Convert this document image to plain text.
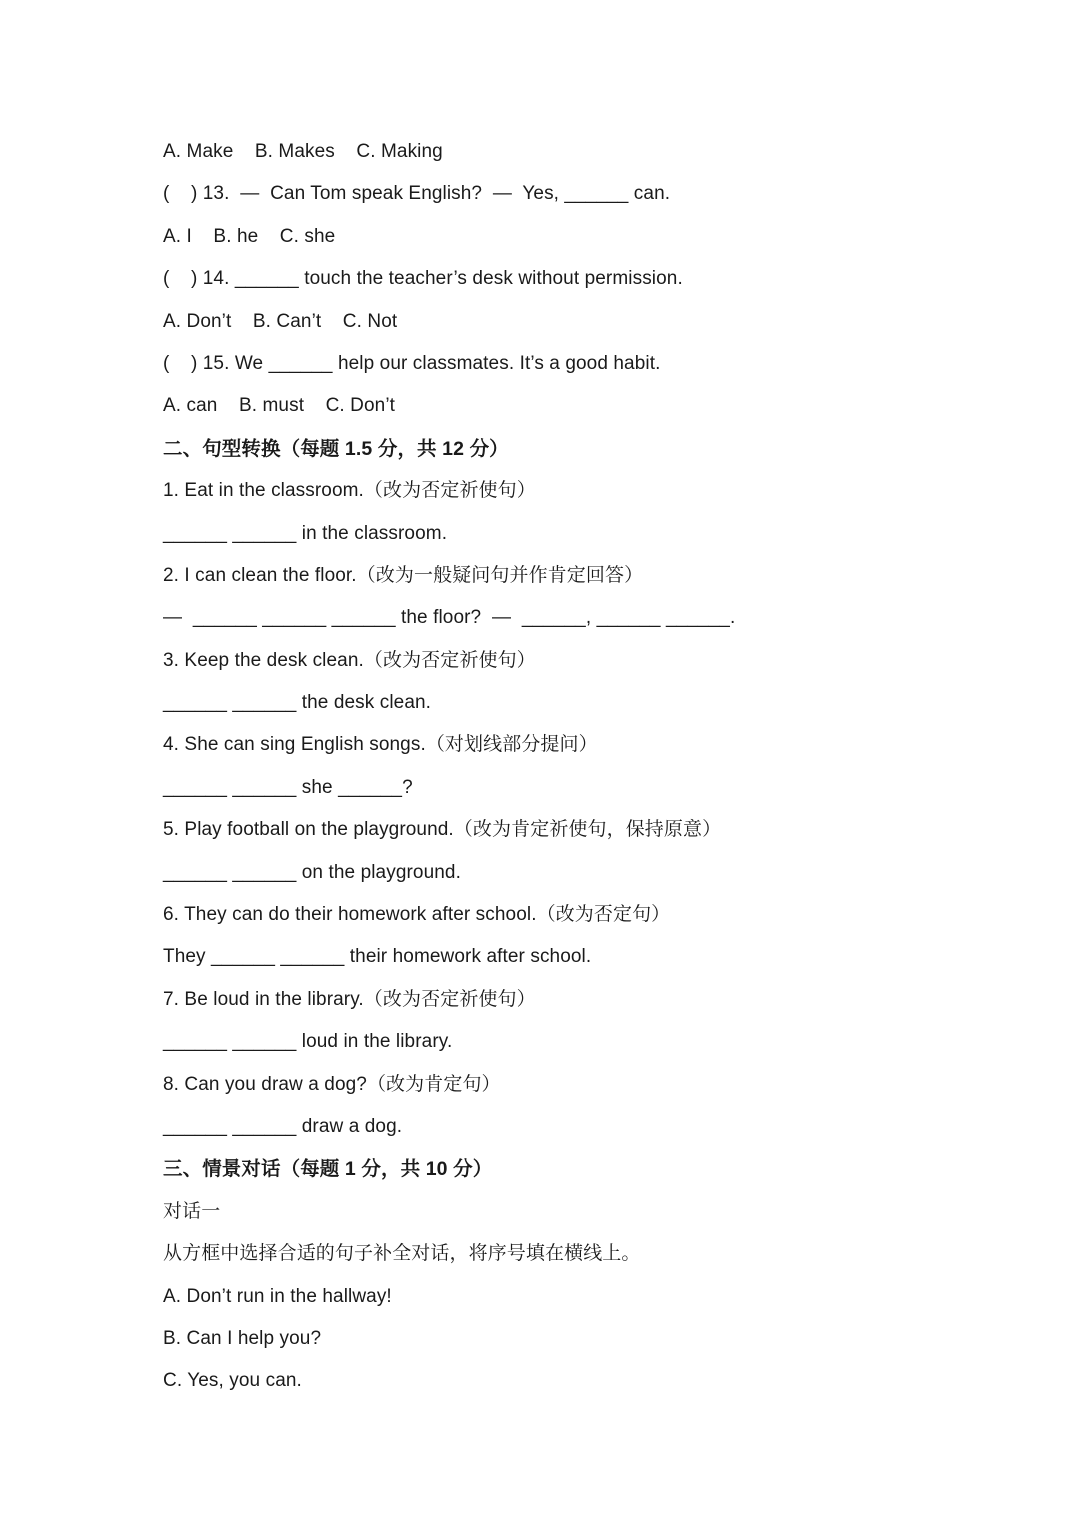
A. Make    B. Makes    C. Making
(    ) 13.  —  Can Tom speak English?  —  Yes, ______ can.
A. I    B. he    C. she
(    ) 14. ______ touch the teacher’s desk without permission.
A. Don’t    B. Can’t    C. Not
(    ) 15. We ______ help our classmates. It’s a good habit.
A. can    B. must    C. Don’t
二、句型转换（每题 1.5 分，共 12 分）
1. Eat in the classroom.（改为否定祈使句）
______ ______ in the classroom.
2. I can clean the floor.（改为一般疑问句并作肯定回答）
—  ______ ______ ______ the floor?  —  ______, ______ ______.
3. Keep the desk clean.（改为否定祈使句）
______ ______ the desk clean.
4. She can sing English songs.（对划线部分提问）
______ ______ she ______?
5. Play football on the playground.（改为肯定祈使句，保持原意）
______ ______ on the playground.
6. They can do their homework after school.（改为否定句）
They ______ ______ their homework after school.
7. Be loud in the library.（改为否定祈使句）
______ ______ loud in the library.
8. Can you draw a dog?（改为肯定句）
______ ______ draw a dog.
三、情景对话（每题 1 分，共 10 分）
对话一
从方框中选择合适的句子补全对话，将序号填在横线上。
A. Don’t run in the hallway!
B. Can I help you?
C. Yes, you can.
